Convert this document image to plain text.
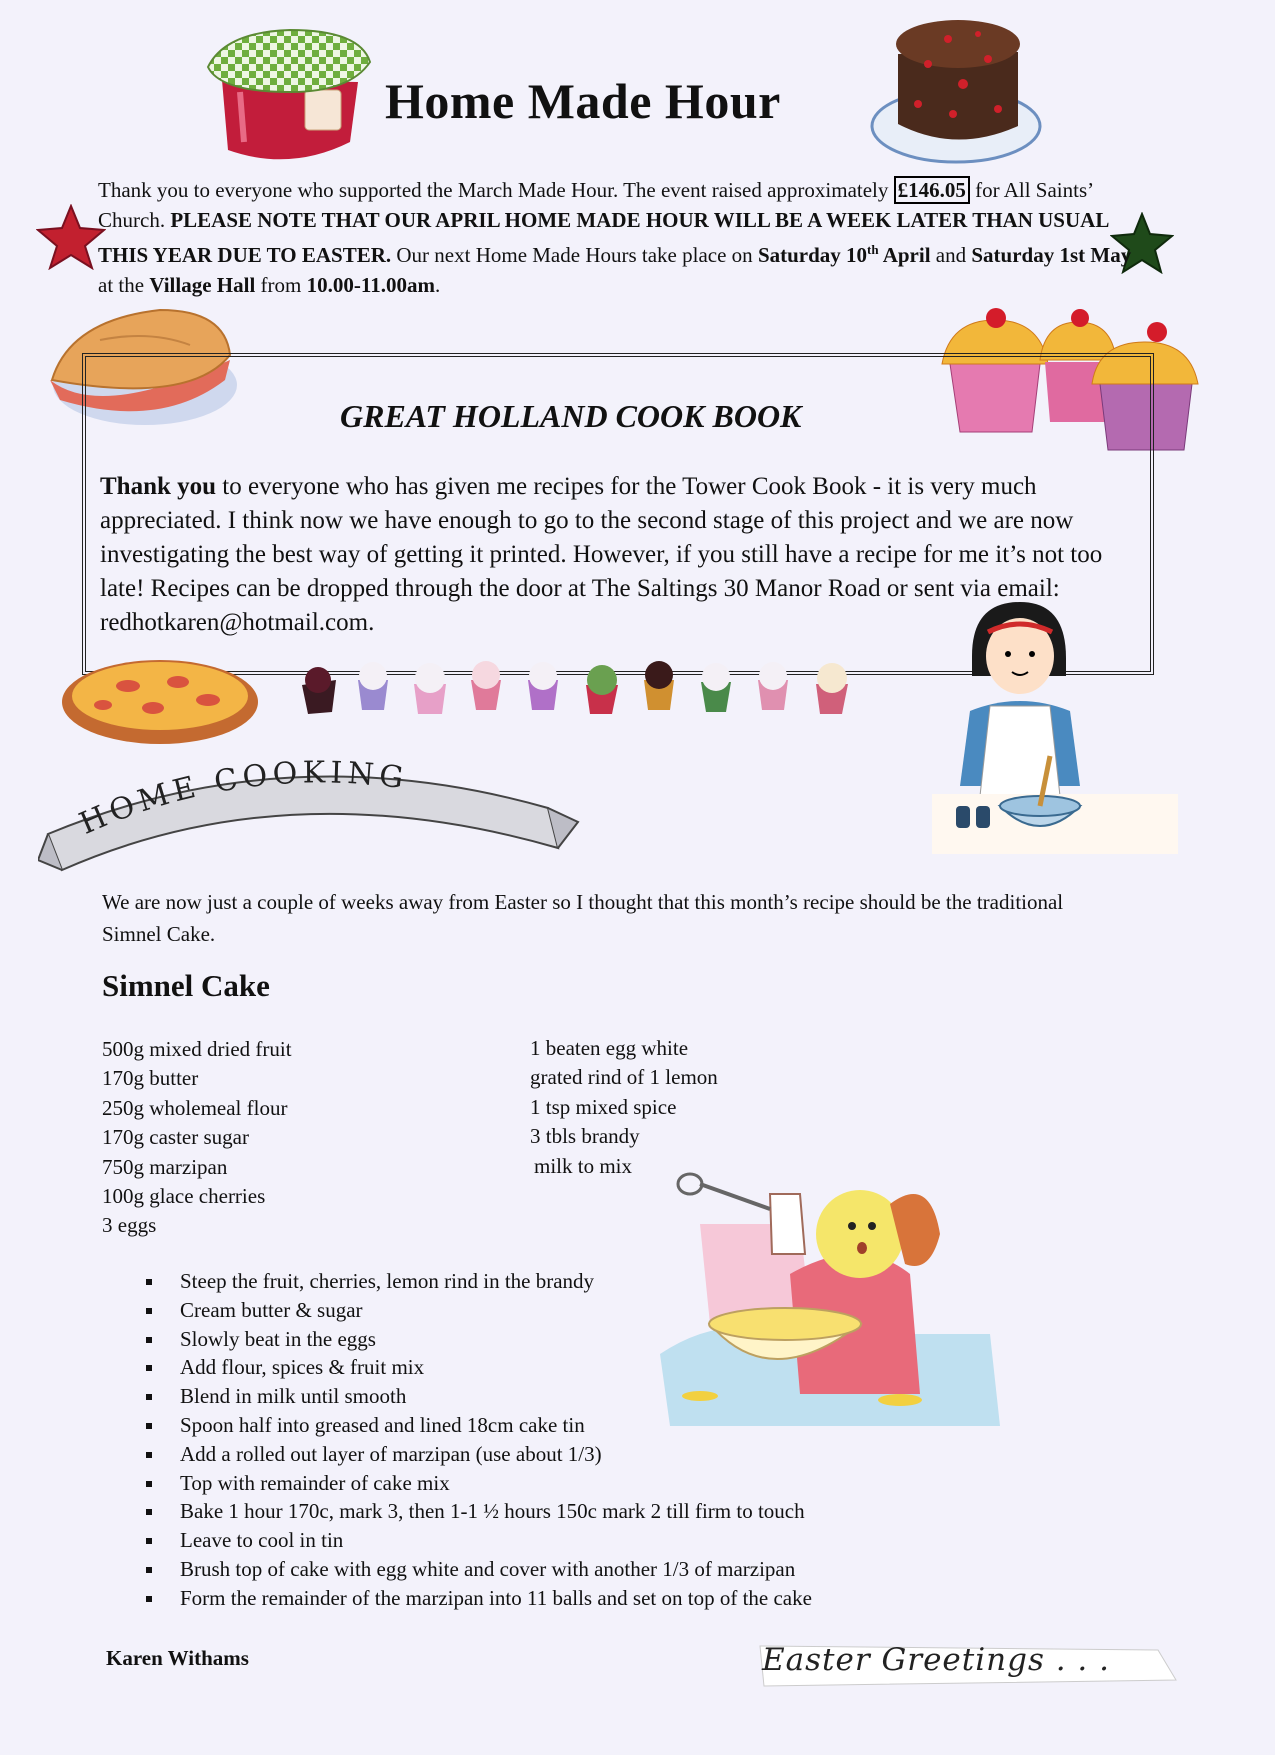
Home Made Hour
Thank you to everyone who supported the March Made Hour. The event raised approximately £146.05 for All Saints’ Church. PLEASE NOTE THAT OUR APRIL HOME MADE HOUR WILL BE A WEEK LATER THAN USUAL THIS YEAR DUE TO EASTER. Our next Home Made Hours take place on Saturday 10th April and Saturday 1st May at the Village Hall from 10.00-11.00am.
GREAT HOLLAND COOK BOOK
Thank you to everyone who has given me recipes for the Tower Cook Book - it is very much appreciated. I think now we have enough to go to the second stage of this project and we are now investigating the best way of getting it printed. However, if you still have a recipe for me it’s not too late! Recipes can be dropped through the door at The Saltings 30 Manor Road or sent via email: redhotkaren@hotmail.com.
HOME COOKING
We are now just a couple of weeks away from Easter so I thought that this month’s recipe should be the traditional Simnel Cake.
Simnel Cake
500g mixed dried fruit
170g butter
250g wholemeal flour
170g caster sugar
750g marzipan
100g glace cherries
3 eggs
1 beaten egg white
grated rind of 1 lemon
1 tsp mixed spice
3 tbls brandy
milk to mix
Steep the fruit, cherries, lemon rind in the brandy
Cream butter & sugar
Slowly beat in the eggs
Add flour, spices & fruit mix
Blend in milk until smooth
Spoon half into greased and lined 18cm cake tin
Add a rolled out layer of marzipan (use about 1/3)
Top with remainder of cake mix
Bake 1 hour 170c, mark 3, then 1-1 ½ hours 150c mark 2 till firm to touch
Leave to cool in tin
Brush top of cake with egg white and cover with another 1/3 of marzipan
Form the remainder of the marzipan into 11 balls and set on top of the cake
Karen Withams	Easter Greetings . . .
